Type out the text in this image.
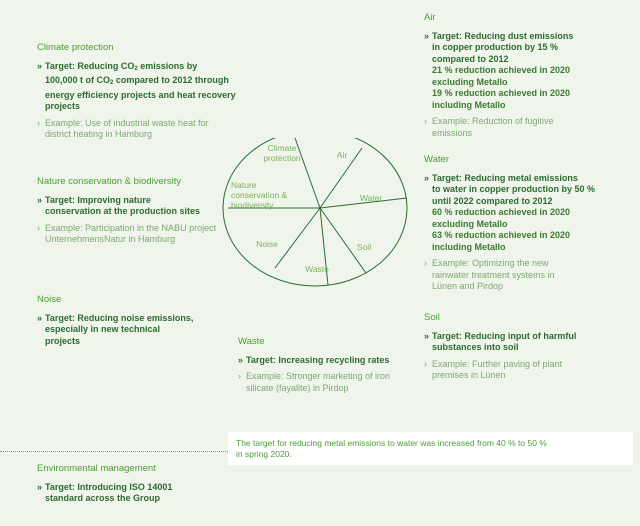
Climate protection
» Target: Reducing $CO_2$ emissions by
100,000 t of $CO_2$ compared to 2012 through
energy efficiency projects and heat recovery
projects
› Example: Use of industrial waste heat for
district heating in Hamburg
Nature conservation & biodiversity
» Target: Improving nature
conservation at the production sites
› Example: Participation in the NABU project
UnternehmensNatur in Hamburg
Noise
» Target: Reducing noise emissions,
especially in new technical
projects
Air
» Target: Reducing dust emissions
in copper production by 15 %
compared to 2012
21 % reduction achieved in 2020
excluding Metallo
19 % reduction achieved in 2020
including Metallo
› Example: Reduction of fugitive
emissions
Water
» Target: Reducing metal emissions
to water in copper production by 50 %
until 2022 compared to 2012
60 % reduction achieved in 2020
excluding Metallo
63 % reduction achieved in 2020
including Metallo
› Example: Optimizing the new
rainwater treatment systems in
Lünen and Pirdop
Soil
» Target: Reducing input of harmful
substances into soil
› Example: Further paving of plant
premises in Lünen
Waste
» Target: Increasing recycling rates
› Example: Stronger marketing of iron
silicate (fayalite) in Pirdop
Environmental management
» Target: Introducing ISO 14001
standard across the Group
The target for reducing metal emissions to water was increased from 40 % to 50 %
in spring 2020.
Climate protection	Air
Water
Soil
Waste
Noise
Nature conservation & biodiversity
